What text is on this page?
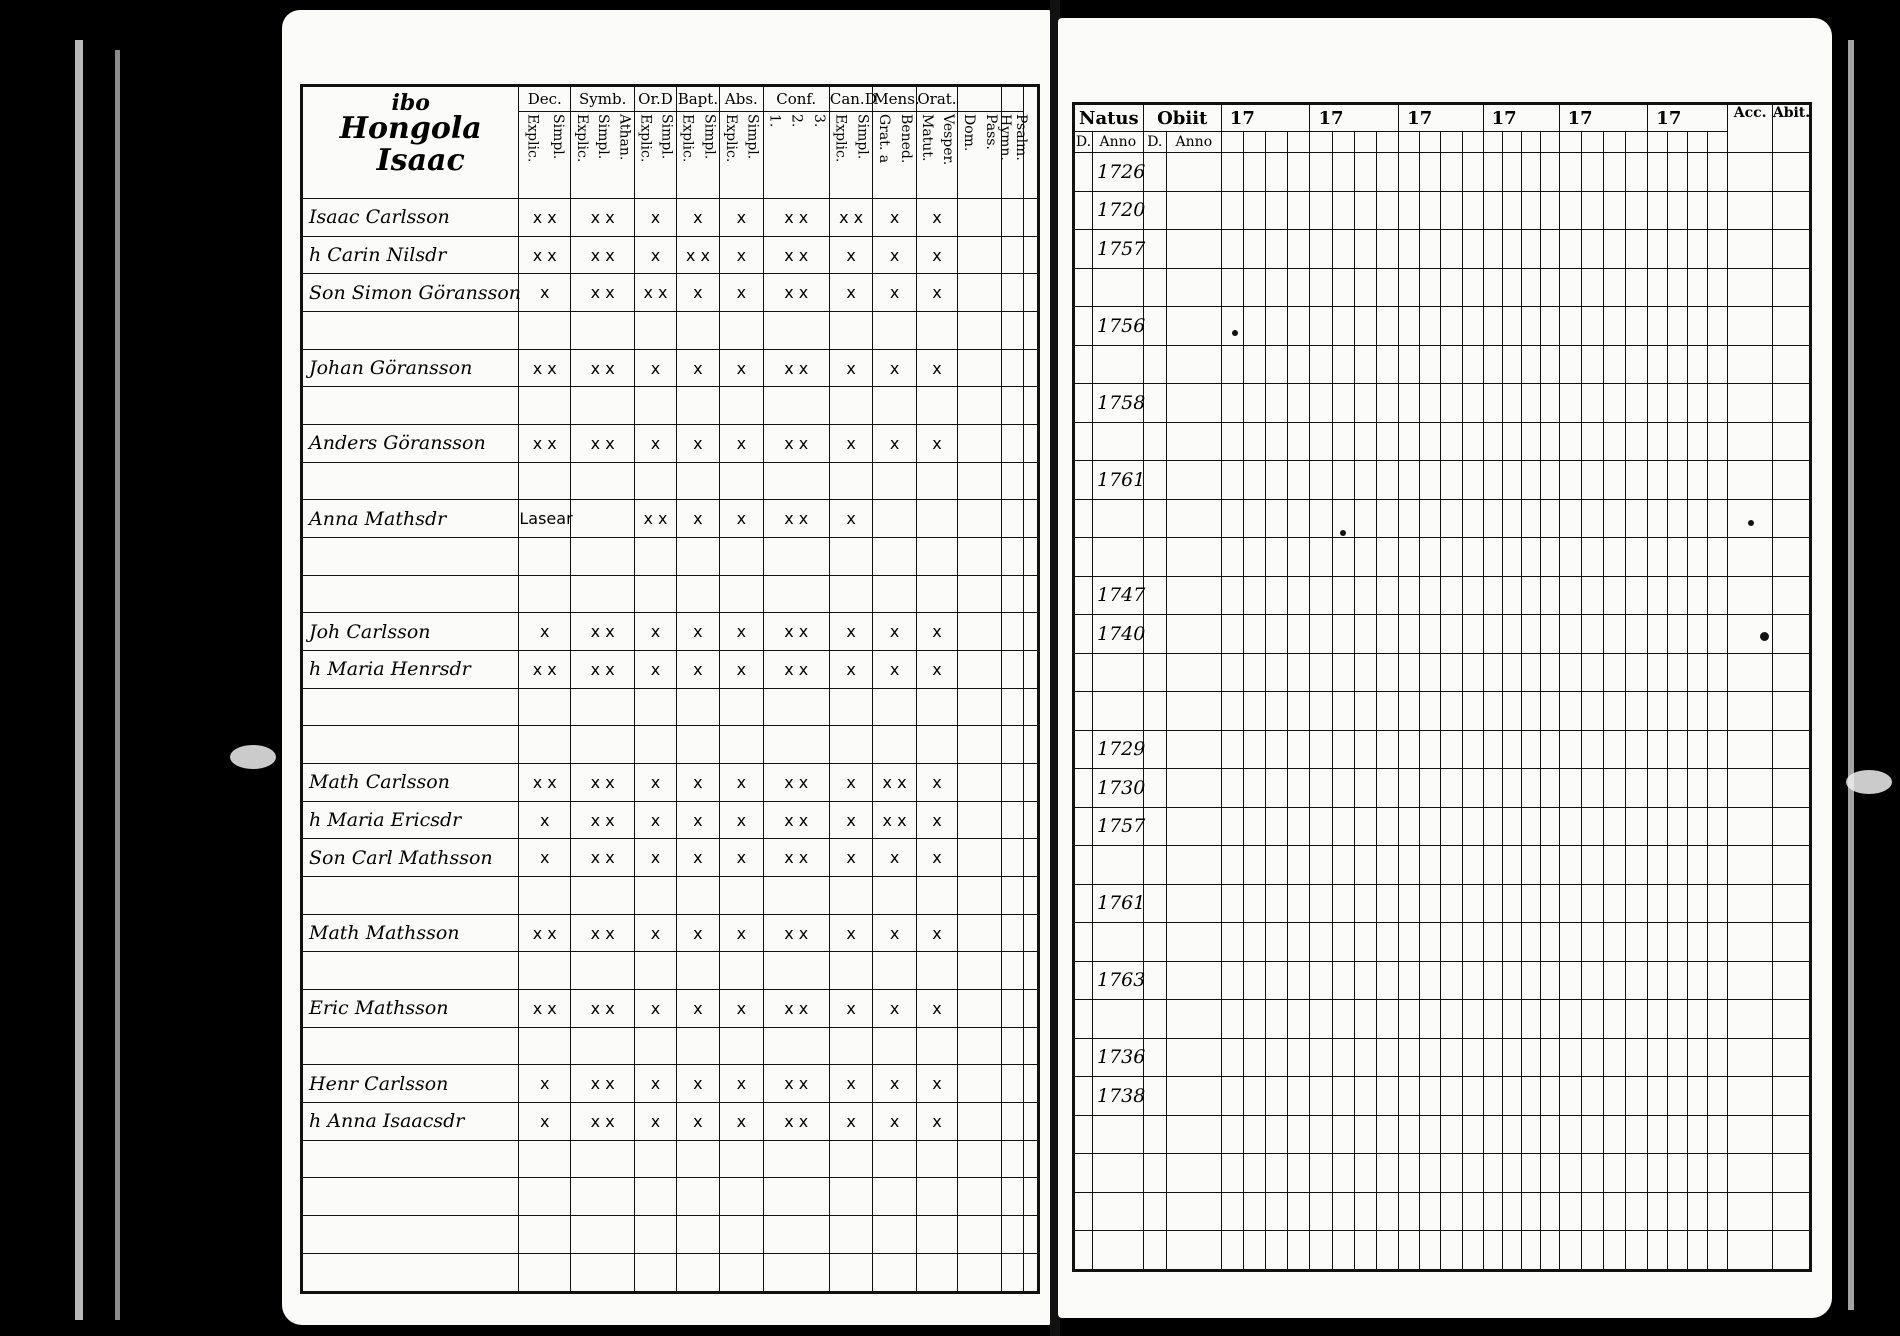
ibo
Hongola
Isaac	Dec.	Symb.	Or.D	Bapt.	Abs.	Conf.	Can.D	Mens.	Orat.			

	Explic. Simpl.	Explic. Simpl. Athan.	Explic. Simpl.	Explic. Simpl.	Explic. Simpl.	1. 2. 3.	Explic. Simpl.	Grat. a Bened.	Matut. Vesper.	Dom. Pass.	Hymn. Psalm.	

Isaac Carlsson	x x	x x	x	x	x	x x	x x	x	x			
h Carin Nilsdr	x x	x x	x	x x	x	x x	x	x	x			
Son Simon Göransson	x	x x	x x	x	x	x x	x	x	x			

Johan Göransson	x x	x x	x	x	x	x x	x	x	x			

Anders Göransson	x x	x x	x	x	x	x x	x	x	x			

Anna Mathsdr	Lasear		x x	x	x	x x	x					

Joh Carlsson	x	x x	x	x	x	x x	x	x	x			
h Maria Henrsdr	x x	x x	x	x	x	x x	x	x	x			

Math Carlsson	x x	x x	x	x	x	x x	x	x x	x			
h Maria Ericsdr	x	x x	x	x	x	x x	x	x x	x			
Son Carl Mathsson	x	x x	x	x	x	x x	x	x	x			

Math Mathsson	x x	x x	x	x	x	x x	x	x	x			

Eric Mathsson	x x	x x	x	x	x	x x	x	x	x			

Henr Carlsson	x	x x	x	x	x	x x	x	x	x			
h Anna Isaacsdr	x	x x	x	x	x	x x	x	x	x			

Natus		Obiit		17				17				17				17				17				17				Acc.	Abit.
D.	Anno	D.	Anno																										
	1726																												
	1720																												
	1757																												

	1756																												

	1758																												

	1761																												

	1747																												
	1740																												

	1729																												
	1730																												
	1757																												

	1761																												

	1763																												

	1736																												
	1738																												
